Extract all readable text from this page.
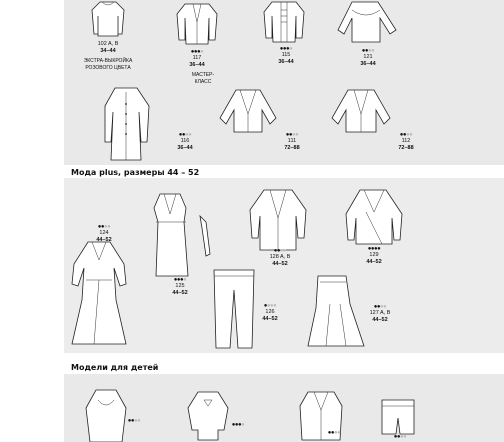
Мода plus, размеры 44 – 52
Модели для детей
102 A, B
34–44
ЭКСТРА-ВЫКРОЙКА
РОЗОВОГО ЦВЕТА
●●●●
117
36–44
МАСТЕР-КЛАСС
●●●●
115
36–44
●●●●
121
36–44
●●●●
116
36–44
●●●●
111
72–88
●●●●
112
72–88
●●●●
124
44–52
●●●●
125
44–52
●●●●
128 A, B
44–52
●●●●
129
44–52
●●●●
126
44–52
●●●●
127 A, B
44–52
●●●●
●●●●
●●●●
●●●●
